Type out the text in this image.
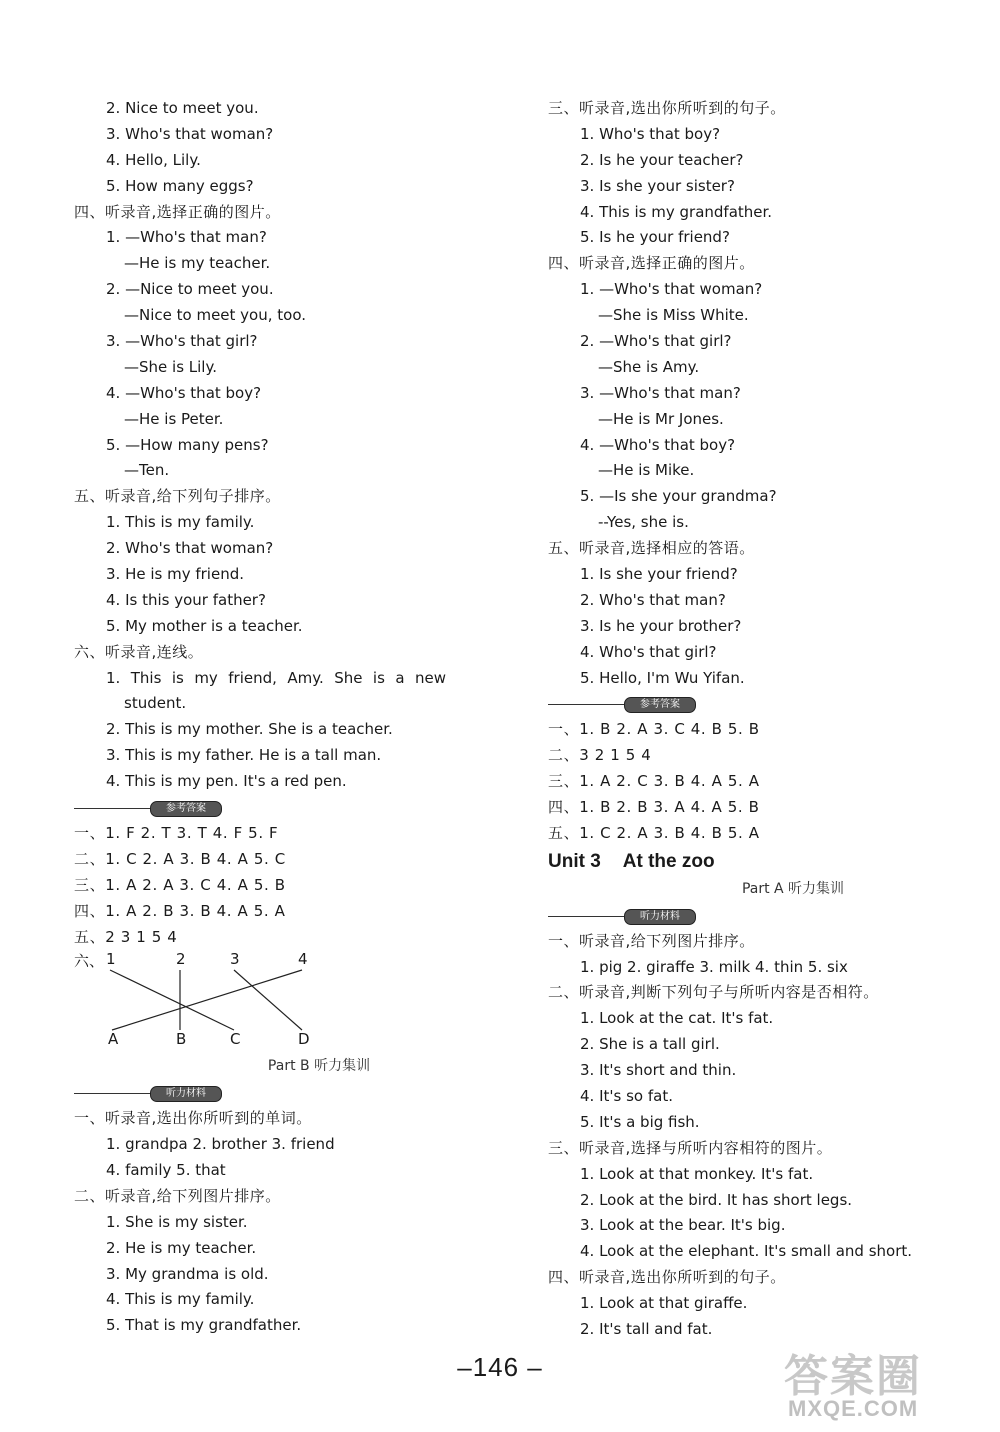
2. Nice to meet you.
3. Who's that woman?
4. Hello, Lily.
5. How many eggs?
四、听录音,选择正确的图片。
1. —Who's that man?
—He is my teacher.
2. —Nice to meet you.
—Nice to meet you, too.
3. —Who's that girl?
—She is Lily.
4. —Who's that boy?
—He is Peter.
5. —How many pens?
—Ten.
五、听录音,给下列句子排序。
1. This is my family.
2. Who's that woman?
3. He is my friend.
4. Is this your father?
5. My mother is a teacher.
六、听录音,连线。
1. This is my friend, Amy. She is a new
student.
2. This is my mother. She is a teacher.
3. This is my father. He is a tall man.
4. This is my pen. It's a red pen.
参考答案
一、1. F 2. T 3. T 4. F 5. F
二、1. C 2. A 3. B 4. A 5. C
三、1. A 2. A 3. C 4. A 5. B
四、1. A 2. B 3. B 4. A 5. A
五、2 3 1 5 4
六、 1	2	3	4
A	B	C	D
Part B 听力集训
听力材料
一、听录音,选出你所听到的单词。
1. grandpa 2. brother 3. friend
4. family 5. that
二、听录音,给下列图片排序。
1. She is my sister.
2. He is my teacher.
3. My grandma is old.
4. This is my family.
5. That is my grandfather.
三、听录音,选出你所听到的句子。
1. Who's that boy?
2. Is he your teacher?
3. Is she your sister?
4. This is my grandfather.
5. Is he your friend?
四、听录音,选择正确的图片。
1. —Who's that woman?
—She is Miss White.
2. —Who's that girl?
—She is Amy.
3. —Who's that man?
—He is Mr Jones.
4. —Who's that boy?
—He is Mike.
5. —Is she your grandma?
--Yes, she is.
五、听录音,选择相应的答语。
1. Is she your friend?
2. Who's that man?
3. Is he your brother?
4. Who's that girl?
5. Hello, I'm Wu Yifan.
参考答案
一、1. B 2. A 3. C 4. B 5. B
二、3 2 1 5 4
三、1. A 2. C 3. B 4. A 5. A
四、1. B 2. B 3. A 4. A 5. B
五、1. C 2. A 3. B 4. B 5. A
Unit 3 At the zoo
Part A 听力集训
听力材料
一、听录音,给下列图片排序。
1. pig 2. giraffe 3. milk 4. thin 5. six
二、听录音,判断下列句子与所听内容是否相符。
1. Look at the cat. It's fat.
2. She is a tall girl.
3. It's short and thin.
4. It's so fat.
5. It's a big fish.
三、听录音,选择与所听内容相符的图片。
1. Look at that monkey. It's fat.
2. Look at the bird. It has short legs.
3. Look at the bear. It's big.
4. Look at the elephant. It's small and short.
四、听录音,选出你所听到的句子。
1. Look at that giraffe.
2. It's tall and fat.
–146 –	答案圈
MXQE.COM
